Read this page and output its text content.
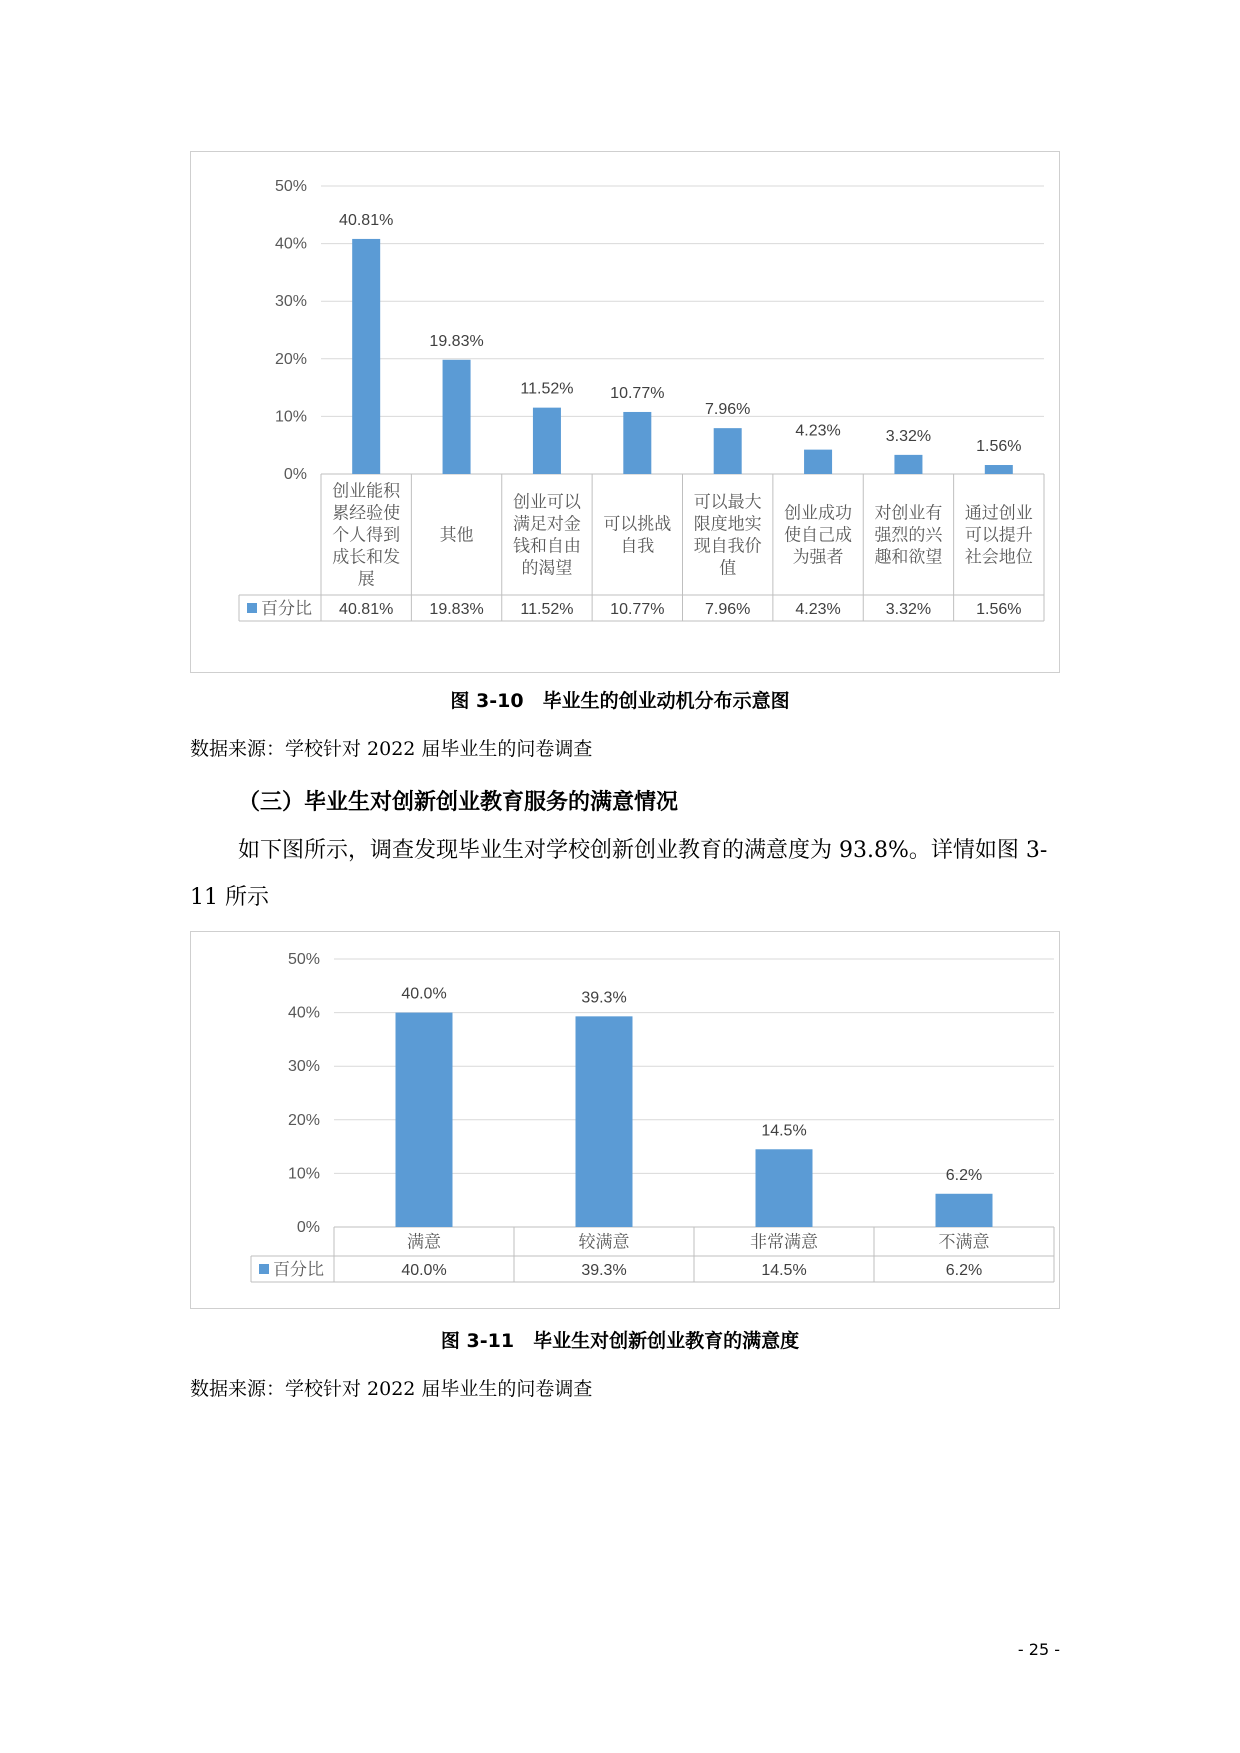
0%
10%
20%
30%
40%
50%
百分比
40.81%
创业能积累经验使个人得到成长和发展
40.81%
19.83%
其他
19.83%
11.52%
创业可以满足对金钱和自由的渴望
11.52%
10.77%
可以挑战自我
10.77%
7.96%
可以最大限度地实现自我价值
7.96%
4.23%
创业成功使自己成为强者
4.23%
3.32%
对创业有强烈的兴趣和欲望
3.32%
1.56%
通过创业可以提升社会地位
1.56%
图 3-10　毕业生的创业动机分布示意图
数据来源：学校针对 2022 届毕业生的问卷调查
（三）毕业生对创新创业教育服务的满意情况
如下图所示，调查发现毕业生对学校创新创业教育的满意度为 93.8%。详情如图 3-11 所示
0%
10%
20%
30%
40%
50%
百分比
40.0%
满意
40.0%
39.3%
较满意
39.3%
14.5%
非常满意
14.5%
6.2%
不满意
6.2%
图 3-11　毕业生对创新创业教育的满意度
数据来源：学校针对 2022 届毕业生的问卷调查
- 25 -
